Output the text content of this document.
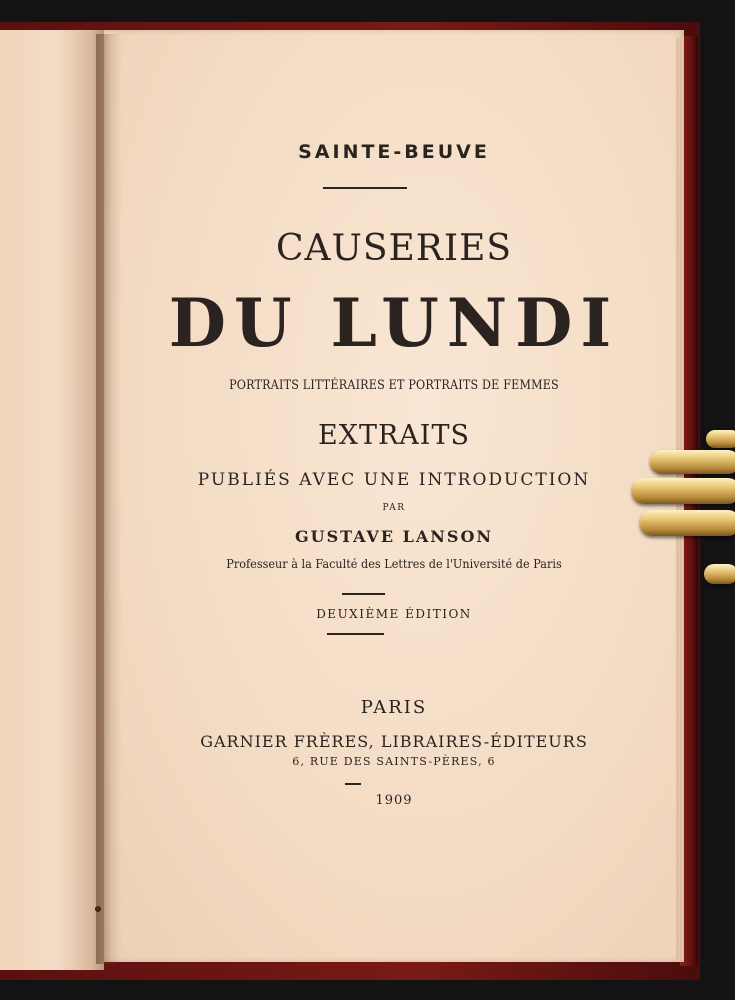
SAINTE-BEUVE

CAUSERIES

DU LUNDI

PORTRAITS LITTÉRAIRES ET PORTRAITS DE FEMMES

EXTRAITS

PUBLIÉS AVEC UNE INTRODUCTION

PAR

GUSTAVE LANSON

Professeur à la Faculté des Lettres de l'Université de Paris

DEUXIÈME ÉDITION

PARIS

GARNIER FRÈRES, LIBRAIRES-ÉDITEURS

6, RUE DES SAINTS-PÈRES, 6

1909
